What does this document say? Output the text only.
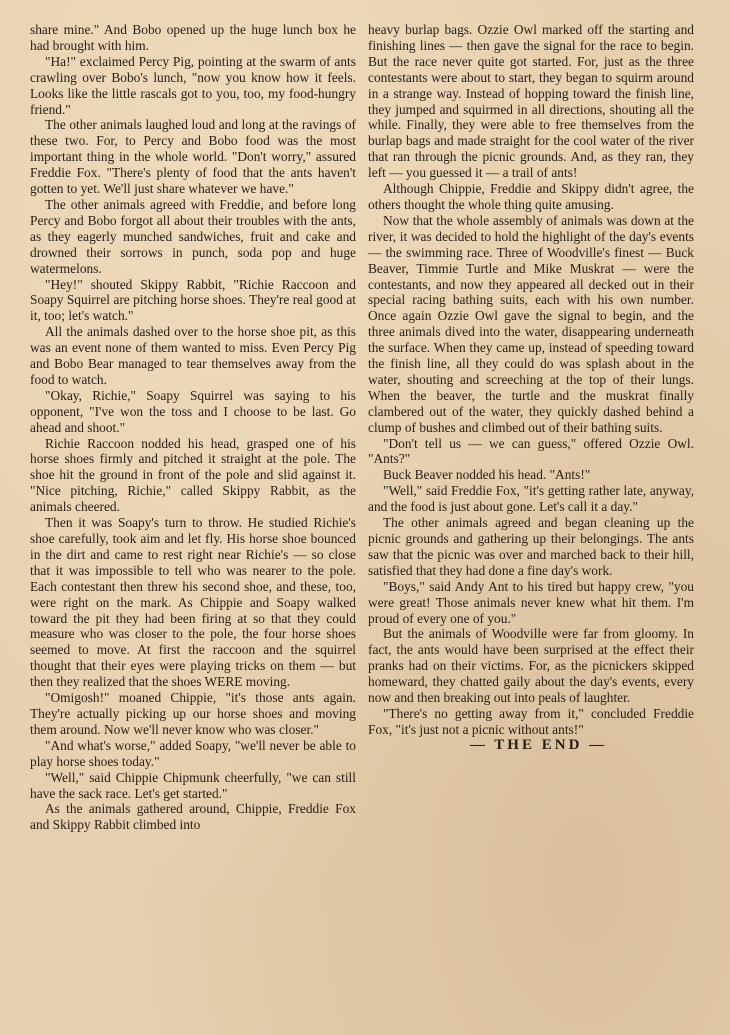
share mine." And Bobo opened up the huge lunch box he had brought with him.

"Ha!" exclaimed Percy Pig, pointing at the swarm of ants crawling over Bobo's lunch, "now you know how it feels. Looks like the little rascals got to you, too, my food-hungry friend."

The other animals laughed loud and long at the ravings of these two. For, to Percy and Bobo food was the most important thing in the whole world. "Don't worry," assured Freddie Fox. "There's plenty of food that the ants haven't gotten to yet. We'll just share whatever we have."

The other animals agreed with Freddie, and before long Percy and Bobo forgot all about their troubles with the ants, as they eagerly munched sandwiches, fruit and cake and drowned their sorrows in punch, soda pop and huge watermelons.

"Hey!" shouted Skippy Rabbit, "Richie Raccoon and Soapy Squirrel are pitching horse shoes. They're real good at it, too; let's watch."

All the animals dashed over to the horse shoe pit, as this was an event none of them wanted to miss. Even Percy Pig and Bobo Bear managed to tear themselves away from the food to watch.

"Okay, Richie," Soapy Squirrel was saying to his opponent, "I've won the toss and I choose to be last. Go ahead and shoot."

Richie Raccoon nodded his head, grasped one of his horse shoes firmly and pitched it straight at the pole. The shoe hit the ground in front of the pole and slid against it. "Nice pitching, Richie," called Skippy Rabbit, as the animals cheered.

Then it was Soapy's turn to throw. He studied Richie's shoe carefully, took aim and let fly. His horse shoe bounced in the dirt and came to rest right near Richie's — so close that it was impossible to tell who was nearer to the pole. Each contestant then threw his second shoe, and these, too, were right on the mark. As Chippie and Soapy walked toward the pit they had been firing at so that they could measure who was closer to the pole, the four horse shoes seemed to move. At first the raccoon and the squirrel thought that their eyes were playing tricks on them — but then they realized that the shoes WERE moving.

"Omigosh!" moaned Chippie, "it's those ants again. They're actually picking up our horse shoes and moving them around. Now we'll never know who was closer."

"And what's worse," added Soapy, "we'll never be able to play horse shoes today."

"Well," said Chippie Chipmunk cheerfully, "we can still have the sack race. Let's get started."

As the animals gathered around, Chippie, Freddie Fox and Skippy Rabbit climbed into

heavy burlap bags. Ozzie Owl marked off the starting and finishing lines — then gave the signal for the race to begin. But the race never quite got started. For, just as the three contestants were about to start, they began to squirm around in a strange way. Instead of hopping toward the finish line, they jumped and squirmed in all directions, shouting all the while. Finally, they were able to free themselves from the burlap bags and made straight for the cool water of the river that ran through the picnic grounds. And, as they ran, they left — you guessed it — a trail of ants!

Although Chippie, Freddie and Skippy didn't agree, the others thought the whole thing quite amusing.

Now that the whole assembly of animals was down at the river, it was decided to hold the highlight of the day's events — the swimming race. Three of Woodville's finest — Buck Beaver, Timmie Turtle and Mike Muskrat — were the contestants, and now they appeared all decked out in their special racing bathing suits, each with his own number. Once again Ozzie Owl gave the signal to begin, and the three animals dived into the water, disappearing underneath the surface. When they came up, instead of speeding toward the finish line, all they could do was splash about in the water, shouting and screeching at the top of their lungs. When the beaver, the turtle and the muskrat finally clambered out of the water, they quickly dashed behind a clump of bushes and climbed out of their bathing suits.

"Don't tell us — we can guess," offered Ozzie Owl. "Ants?"

Buck Beaver nodded his head. "Ants!"

"Well," said Freddie Fox, "it's getting rather late, anyway, and the food is just about gone. Let's call it a day."

The other animals agreed and began cleaning up the picnic grounds and gathering up their belongings. The ants saw that the picnic was over and marched back to their hill, satisfied that they had done a fine day's work.

"Boys," said Andy Ant to his tired but happy crew, "you were great! Those animals never knew what hit them. I'm proud of every one of you."

But the animals of Woodville were far from gloomy. In fact, the ants would have been surprised at the effect their pranks had on their victims. For, as the picnickers skipped homeward, they chatted gaily about the day's events, every now and then breaking out into peals of laughter.

"There's no getting away from it," concluded Freddie Fox, "it's just not a picnic without ants!"

— THE END —
